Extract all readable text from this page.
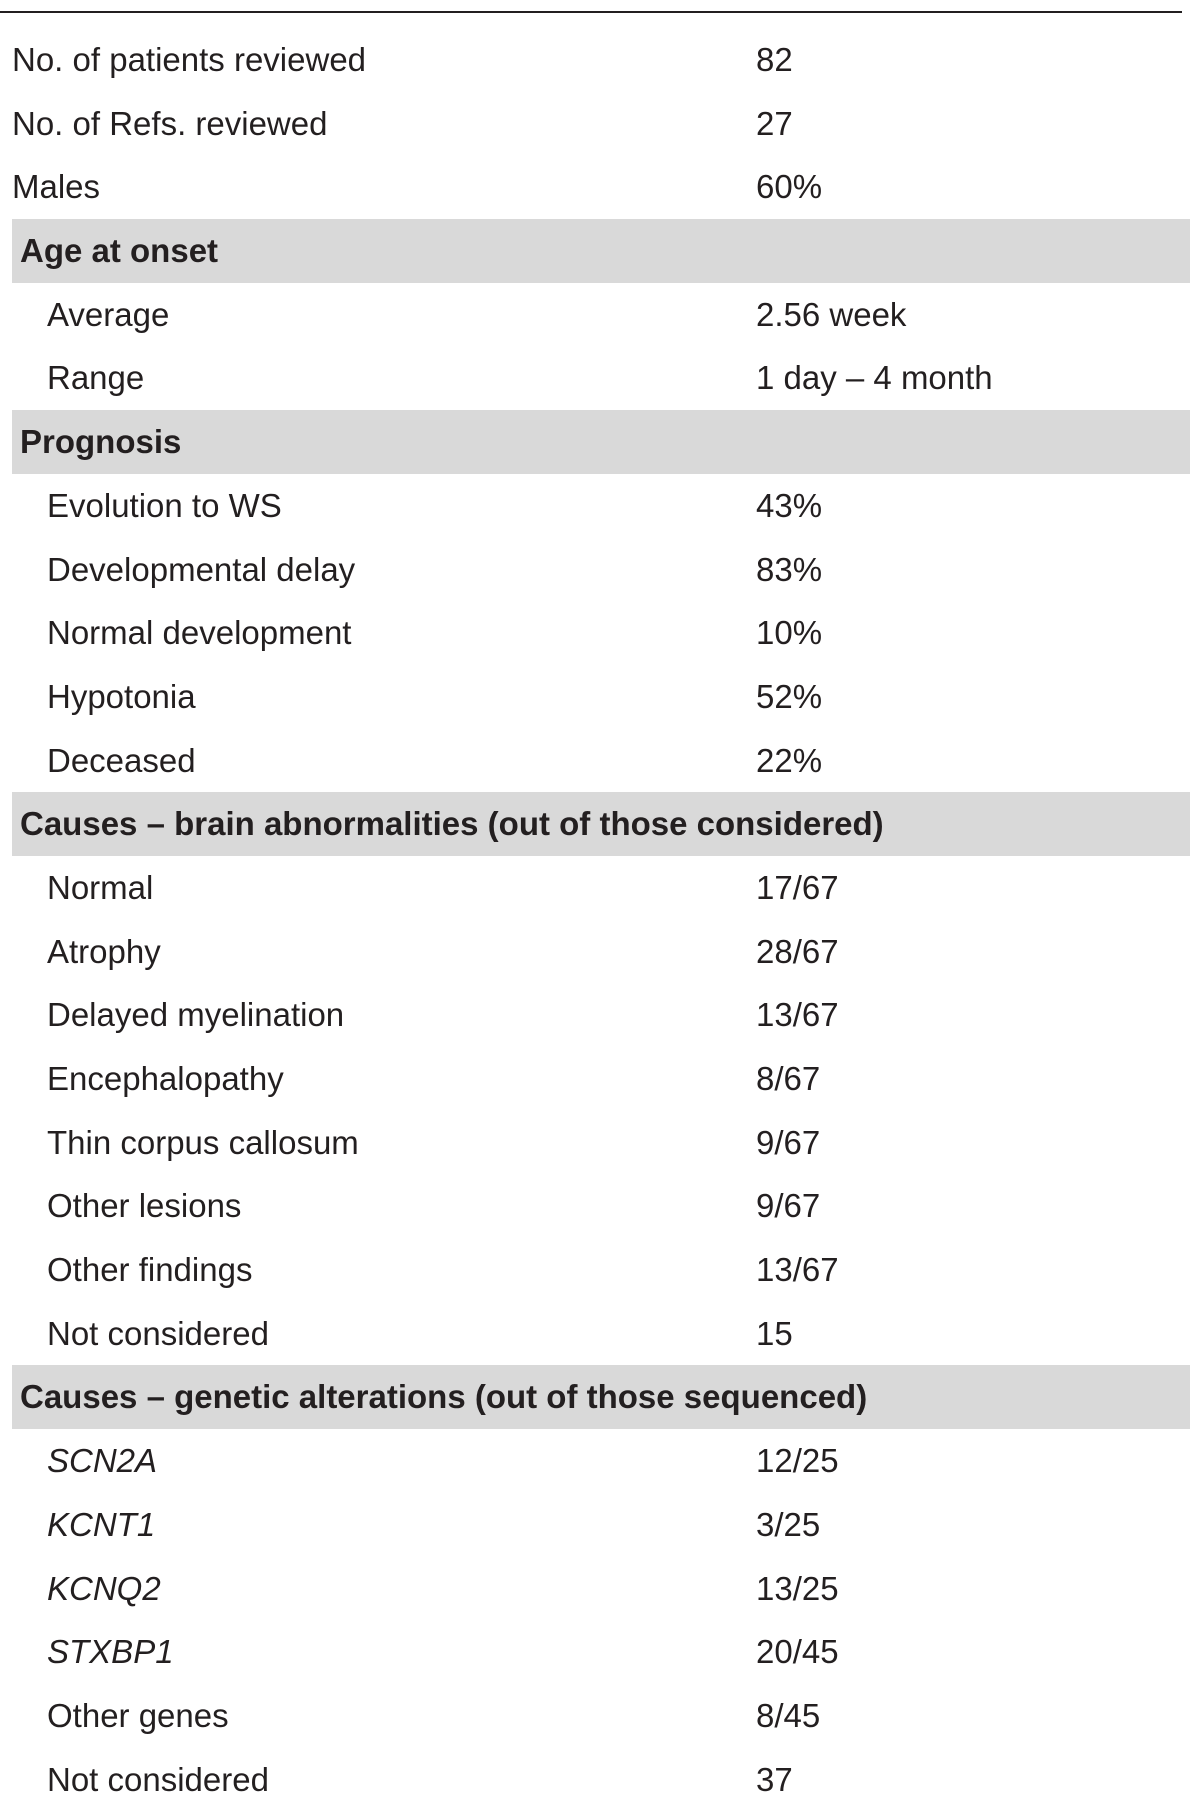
No. of patients reviewed	82
No. of Refs. reviewed	27
Males	60%
Age at onset
Average	2.56 week
Range	1 day – 4 month
Prognosis
Evolution to WS	43%
Developmental delay	83%
Normal development	10%
Hypotonia	52%
Deceased	22%
Causes – brain abnormalities (out of those considered)
Normal	17/67
Atrophy	28/67
Delayed myelination	13/67
Encephalopathy	8/67
Thin corpus callosum	9/67
Other lesions	9/67
Other findings	13/67
Not considered	15
Causes – genetic alterations (out of those sequenced)
SCN2A	12/25
KCNT1	3/25
KCNQ2	13/25
STXBP1	20/45
Other genes	8/45
Not considered	37
